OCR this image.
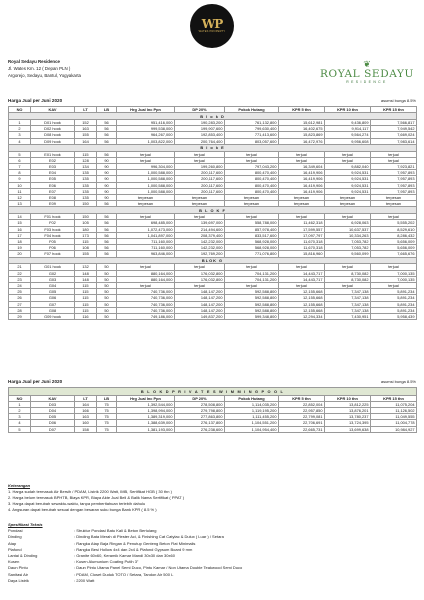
WP
WATES PROPERTY
Royal Sedayu Residence
Jl. Wates Km. 12 ( Depan PLN )
Argorejo, Sedayu, Bantul, Yogyakarta
❦
ROYAL SEDAYU
RESIDENCE
Harga Jual per Juni 2020	asumsi bunga 8.5%
NO	KAV	LT	LB	Hrg Jual Inc Ppn	DP 20%	Pokok Hutang	KPR 5 thn	KPR 10 thn	KPR 15 thn
B l o k D									
1	D01 hook	152	56	951,416,000	190,283,200	761,132,800	15,612,981	9,436,809	7,566,817
2	D02 hook	163	56	999,538,000	199,907,600	799,630,400	16,402,675	9,914,117	7,949,542
3	D08 hook	155	56	964,267,000	192,853,400	771,413,600	15,823,869	9,564,274	7,669,024
4	D09 hook	164	56	1,003,822,000	200,764,400	803,057,600	16,472,976	9,956,608	7,983,614
B l o k E									
5	E01 hook	115	56	terjual	terjual	terjual	terjual	terjual	terjual
6	E02	128	90	terjual	terjual	terjual	terjual	terjual	terjual
7	E03	134	90	996,304,000	199,260,800	797,043,200	16,349,604	9,882,040	7,923,821
8	E04	135	90	1,000,588,000	200,117,600	800,470,400	16,419,906	9,924,531	7,957,893
9	E05	135	90	1,000,588,000	200,117,600	800,470,400	16,419,906	9,924,531	7,957,893
10	E06	135	90	1,000,588,000	200,117,600	800,470,400	16,419,906	9,924,531	7,957,893
11	E07	135	90	1,000,588,000	200,117,600	800,470,400	16,419,906	9,924,531	7,957,893
12	E08	135	90	terpesan	terpesan	terpesan	terpesan	terpesan	terpesan
13	E09	150	56	terpesan	terpesan	terpesan	terpesan	terpesan	terpesan
B L O K F									
14	F01 hook	150	56	terjual	terjual	terjual	terjual	terjual	terjual
15	F02	105	56	698,485,000	139,697,000	558,788,000	11,462,318	6,928,063	5,555,202
16	F03 hook	180	56	1,072,473,000	214,494,600	857,978,400	17,599,557	10,637,537	8,529,610
17	F04 hook	173	56	1,041,897,000	208,379,400	833,517,600	17,097,797	10,334,263	8,286,432
18	F05	115	56	711,160,000	142,232,000	568,928,000	11,670,318	7,053,782	5,656,009
19	F06	108	56	711,160,000	142,232,000	568,928,000	11,670,318	7,053,782	5,656,009
20	F07 hook	155	56	963,846,000	192,769,200	771,076,800	15,816,960	9,560,099	7,665,676
BLOK G									
21	G01 hook	132	50	terjual	terjual	terjual	terjual	terjual	terjual
22	G02	148	50	880,164,000	176,032,800	704,131,200	14,443,717	8,730,082	7,000,135
23	G03	148	50	880,164,000	176,032,800	704,131,200	14,443,717	8,730,082	7,000,135
24	G04	115	50	terjual	terjual	terjual	terjual	terjual	terjual
25	G05	115	50	740,736,000	148,147,200	592,588,800	12,155,668	7,347,138	5,891,234
26	G06	115	50	740,736,000	148,147,200	592,588,800	12,155,668	7,347,138	5,891,234
27	G07	115	50	740,736,000	148,147,200	592,588,800	12,155,668	7,347,138	5,891,234
28	G08	115	50	740,736,000	148,147,200	592,588,800	12,155,668	7,347,138	5,891,234
29	G09 hook	116	50	749,186,000	149,837,200	599,348,800	12,294,334	7,430,951	5,958,439
Harga Jual per Juni 2020	asumsi bunga 8.5%
B L O K D P R I V A T E S W I M M I N G P O O L									
NO	KAV	LT	LB	Hrg Jual Inc Ppn	DP 20%	Pokok Hutang	KPR 5 thn	KPR 10 thn	KPR 15 thn
1	D03	164	75	1,392,544,000	278,508,800	1,114,035,200	22,852,004	13,812,225	11,075,204
2	D04	166	75	1,398,994,000	279,798,800	1,119,195,200	22,957,850	13,876,201	11,126,502
3	D05	163	75	1,389,319,000	277,863,800	1,111,455,200	22,799,081	13,780,237	11,049,555
4	D06	160	75	1,388,639,000	276,137,800	1,104,551,200	22,706,691	13,724,395	11,004,778
5	D07	158	75	1,381,193,000	276,238,600	1,104,954,400	22,665,731	13,699,638	10,984,927
Keterangan
1. Harga sudah termasuk Air Bersih / PDAM, Listrik 2200 Watt, IMB, Sertifikat HGB ( 30 thn )
2. Harga belum termasuk BPHTB, Biaya KPR, Biaya Akte Jual Beli & Balik Nama Sertifikat ( PPAT )
3. Harga dapat berubah sewaktu-waktu, tanpa pemberitahuan terlebih dahulu
4. Angsuran dapat berubah sesuai dengan besaran suku bunga Bank KPR ( 8.5 % )
Spesifikasi Teknis
Pondasi	: Struktur Pondasi Batu Kali & Beton Bertulang
Dinding	: Dinding Bata Merah di Plester Aci, & Finishing Cat Catylac & Dulux ( Luar ) / Setara
Atap	: Rangka Atap Baja Ringan & Penutup Genteng Beton Flat Minimalis
Plafond	: Rangka Besi Hollow 4x4 dan 2x4 & Plafond Gypsum Board 9 mm
Lantai & Dinding	: Granite 60x60, Keramik Kamar Mandi 30x30 dan 30x60
Kusen	: Kusen Alumunium Coating Putih 3"
Daun Pintu	: Daun Pintu Utama Panel Semi Duco, Pintu Kamar / Non Utama Double Teakwood Semi Duco
Sanitasi Air	: PDAM, Closet Duduk TOTO / Setara, Tandon Air 500 L
Daya Listrik	: 2200 Watt
